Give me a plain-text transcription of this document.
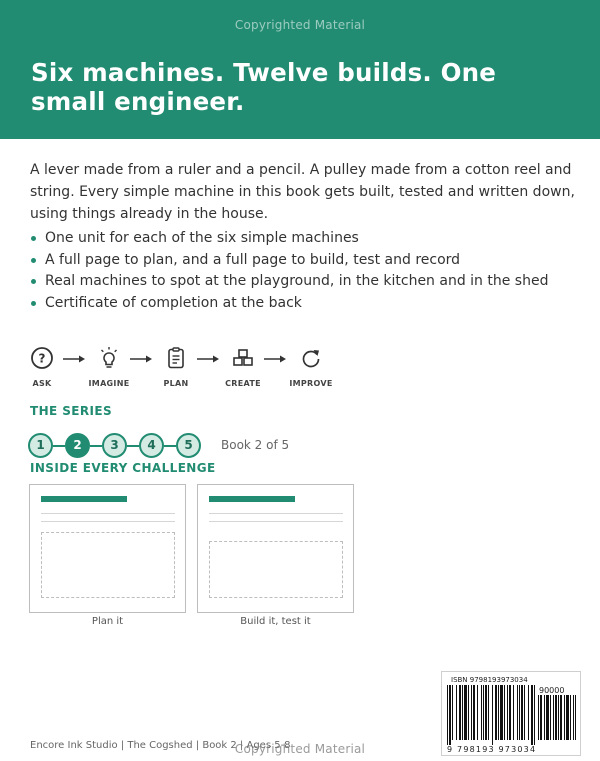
Copyrighted Material
Six machines. Twelve builds. One small engineer.

A lever made from a ruler and a pencil. A pulley made from a cotton reel and string. Every simple machine in this book gets built, tested and written down, using things already in the house.

One unit for each of the six simple machines
A full page to plan, and a full page to build, test and record
Real machines to spot at the playground, in the kitchen and in the shed
Certificate of completion at the back
?
ASK	IMAGINE	PLAN	CREATE	IMPROVE
THE SERIES
1	2	3	4	5	Book 2 of 5
INSIDE EVERY CHALLENGE
Plan it	Build it, test it
Encore Ink Studio | The Cogshed | Book 2 | Ages 5-8
Copyrighted Material
ISBN 9798193973034
90000
9 798193 973034
